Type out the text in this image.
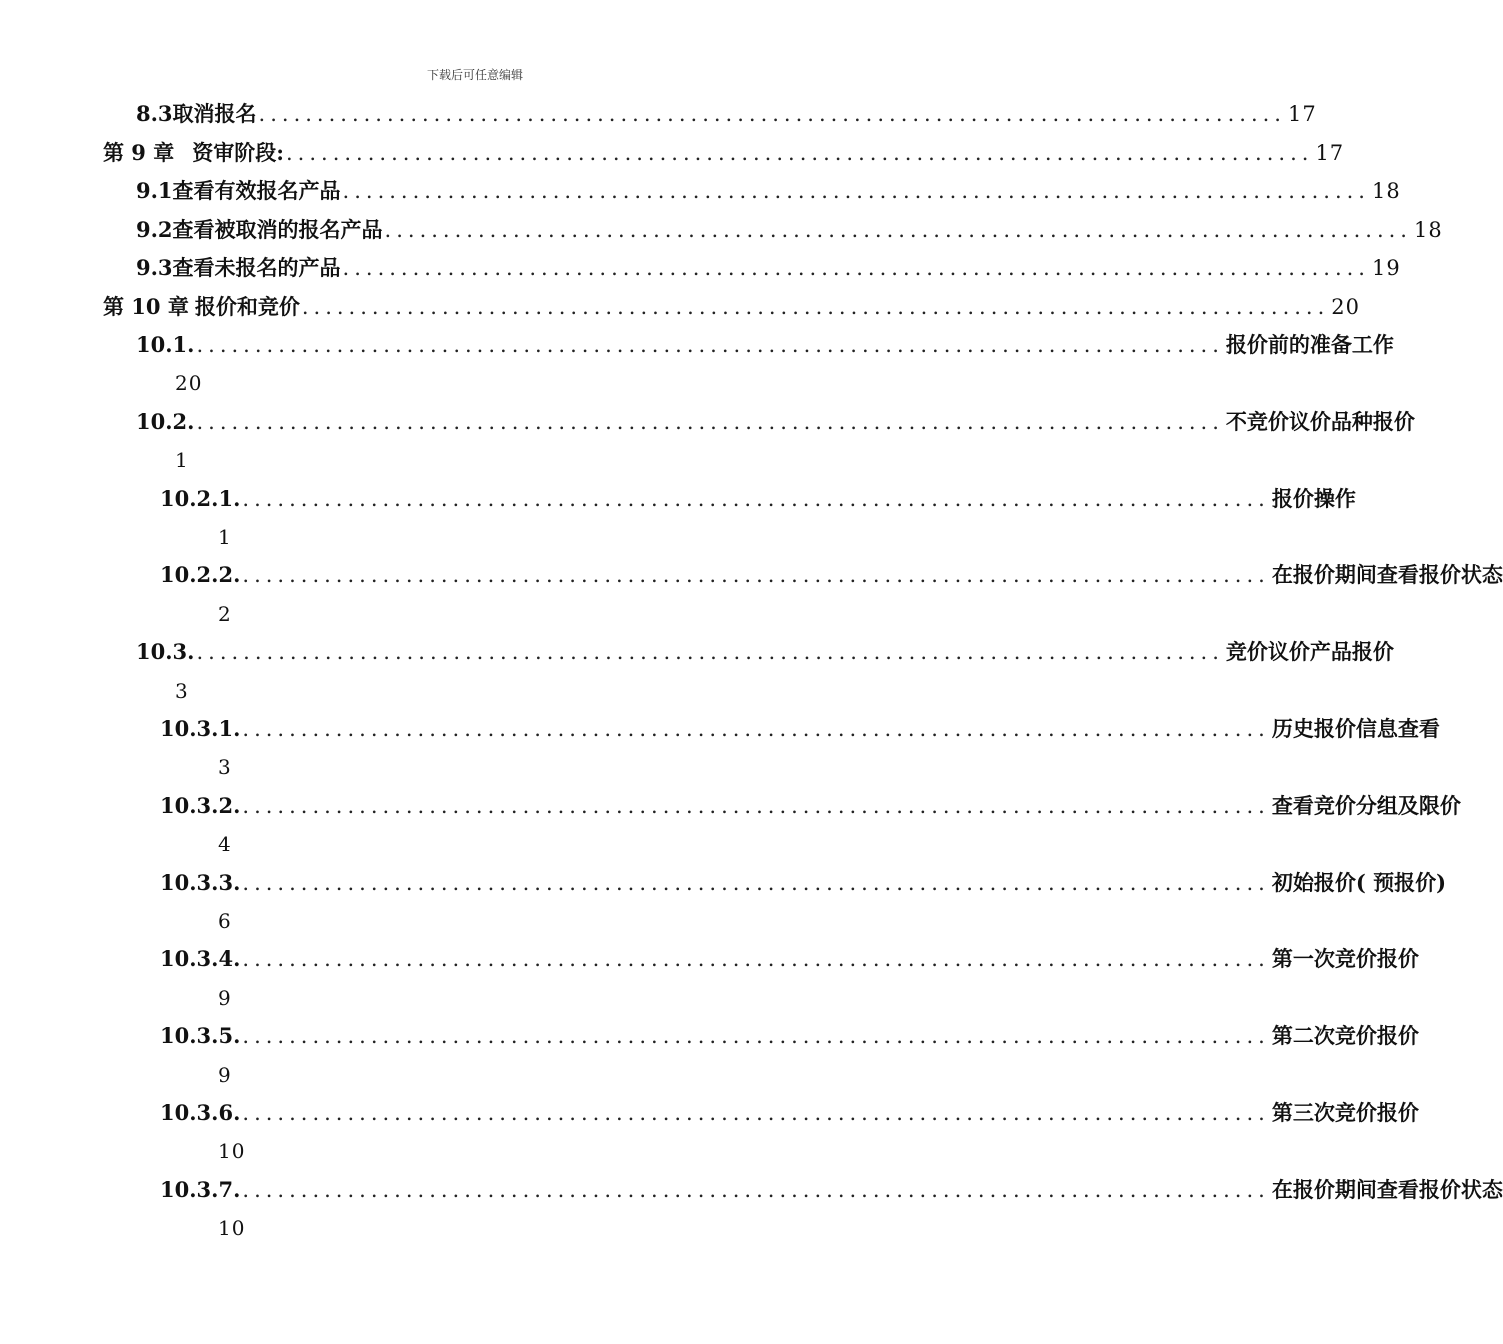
下载后可任意编辑
8.3 取消报名 ........................................................................................ 17
第 9 章 资审阶段: ........................................................................................ 17
9.1 查看有效报名产品 ........................................................................................ 18
9.2 查看被取消的报名产品 ........................................................................................ 18
9.3 查看未报名的产品 ........................................................................................ 19
第 10 章 报价和竞价 ........................................................................................ 20
10.1. ........................................................................................ 报价前的准备工作
20
10.2. ........................................................................................ 不竞价议价品种报价
1
10.2.1. ........................................................................................ 报价操作
1
10.2.2. ........................................................................................ 在报价期间查看报价状态
2
10.3. ........................................................................................ 竞价议价产品报价
3
10.3.1. ........................................................................................ 历史报价信息查看
3
10.3.2. ........................................................................................ 查看竞价分组及限价
4
10.3.3. ........................................................................................ 初始报价( 预报价)
6
10.3.4. ........................................................................................ 第一次竞价报价
9
10.3.5. ........................................................................................ 第二次竞价报价
9
10.3.6. ........................................................................................ 第三次竞价报价
10
10.3.7. ........................................................................................ 在报价期间查看报价状态
10
